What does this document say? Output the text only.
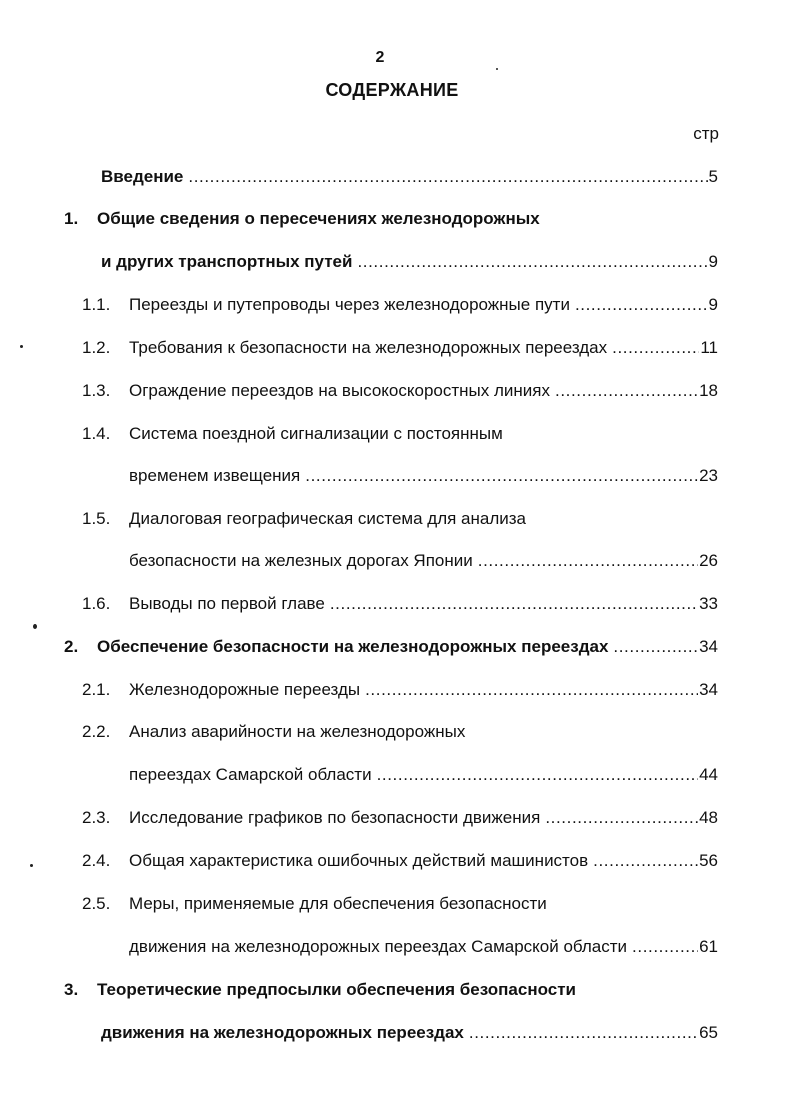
2
СОДЕРЖАНИЕ
стр
Введение .....	5
1. Общие сведения о пересечениях железнодорожных
и других транспортных путей .....	9
1.1. Переезды и путепроводы через железнодорожные пути .....	9
1.2. Требования к безопасности на железнодорожных переездах .....	11
1.3. Ограждение переездов на высокоскоростных линиях .....	18
1.4. Система поездной сигнализации с постоянным
временем извещения .....	23
1.5. Диалоговая географическая система для анализа
безопасности на железных дорогах Японии .....	26
1.6. Выводы по первой главе .....	33
2. Обеспечение безопасности на железнодорожных переездах .....	34
2.1. Железнодорожные переезды .....	34
2.2. Анализ аварийности на железнодорожных
переездах Самарской области .....	44
2.3. Исследование графиков по безопасности движения .....	48
2.4. Общая характеристика ошибочных действий машинистов .....	56
2.5. Меры, применяемые для обеспечения безопасности
движения на железнодорожных переездах Самарской области .....	61
3. Теоретические предпосылки обеспечения безопасности
движения на железнодорожных переездах .....	65
